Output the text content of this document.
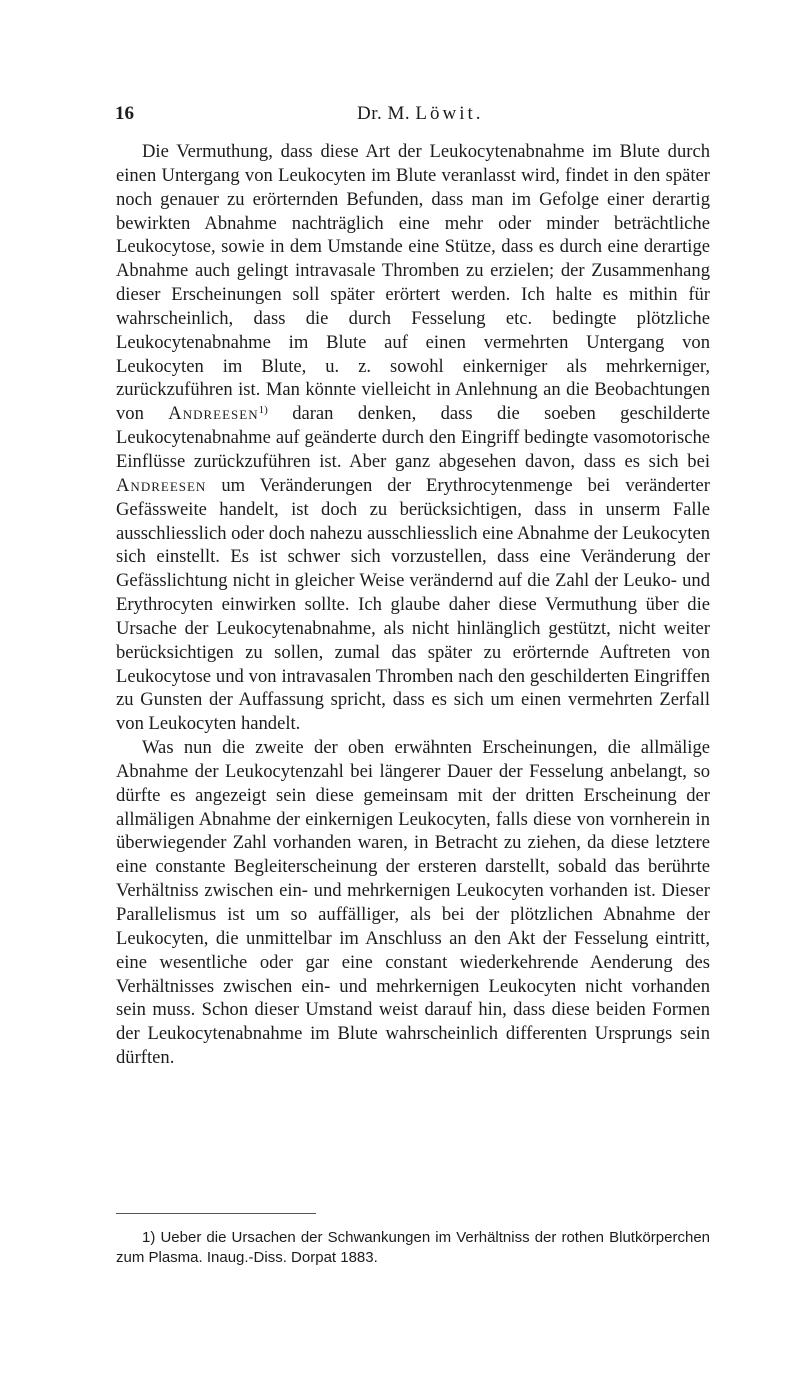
16	Dr. M. Löwit.

Die Vermuthung, dass diese Art der Leukocytenabnahme im Blute durch einen Untergang von Leukocyten im Blute veranlasst wird, findet in den später noch genauer zu erörternden Befunden, dass man im Gefolge einer derartig bewirkten Abnahme nachträglich eine mehr oder minder beträchtliche Leukocytose, sowie in dem Umstande eine Stütze, dass es durch eine derartige Abnahme auch gelingt intravasale Thromben zu erzielen; der Zusammenhang dieser Erscheinungen soll später erörtert werden. Ich halte es mithin für wahrscheinlich, dass die durch Fesselung etc. bedingte plötzliche Leukocytenabnahme im Blute auf einen vermehrten Untergang von Leukocyten im Blute, u. z. sowohl einkerniger als mehrkerniger, zurückzuführen ist. Man könnte vielleicht in Anlehnung an die Beobachtungen von Andreesen$^{1)}$ daran denken, dass die soeben geschilderte Leukocytenabnahme auf geänderte durch den Eingriff bedingte vasomotorische Einflüsse zurückzuführen ist. Aber ganz abgesehen davon, dass es sich bei Andreesen um Veränderungen der Erythrocytenmenge bei veränderter Gefässweite handelt, ist doch zu berücksichtigen, dass in unserm Falle ausschliesslich oder doch nahezu ausschliesslich eine Abnahme der Leukocyten sich einstellt. Es ist schwer sich vorzustellen, dass eine Veränderung der Gefässlichtung nicht in gleicher Weise verändernd auf die Zahl der Leuko- und Erythrocyten einwirken sollte. Ich glaube daher diese Vermuthung über die Ursache der Leukocytenabnahme, als nicht hinlänglich gestützt, nicht weiter berücksichtigen zu sollen, zumal das später zu erörternde Auftreten von Leukocytose und von intravasalen Thromben nach den geschilderten Eingriffen zu Gunsten der Auffassung spricht, dass es sich um einen vermehrten Zerfall von Leukocyten handelt.

Was nun die zweite der oben erwähnten Erscheinungen, die allmälige Abnahme der Leukocytenzahl bei längerer Dauer der Fesselung anbelangt, so dürfte es angezeigt sein diese gemeinsam mit der dritten Erscheinung der allmäligen Abnahme der einkernigen Leukocyten, falls diese von vornherein in überwiegender Zahl vorhanden waren, in Betracht zu ziehen, da diese letztere eine constante Begleiterscheinung der ersteren darstellt, sobald das berührte Verhältniss zwischen ein- und mehrkernigen Leukocyten vorhanden ist. Dieser Parallelismus ist um so auffälliger, als bei der plötzlichen Abnahme der Leukocyten, die unmittelbar im Anschluss an den Akt der Fesselung eintritt, eine wesentliche oder gar eine constant wiederkehrende Aenderung des Verhältnisses zwischen ein- und mehrkernigen Leukocyten nicht vorhanden sein muss. Schon dieser Umstand weist darauf hin, dass diese beiden Formen der Leukocytenabnahme im Blute wahrscheinlich differenten Ursprungs sein dürften.

1) Ueber die Ursachen der Schwankungen im Verhältniss der rothen Blutkörperchen zum Plasma. Inaug.-Diss. Dorpat 1883.
